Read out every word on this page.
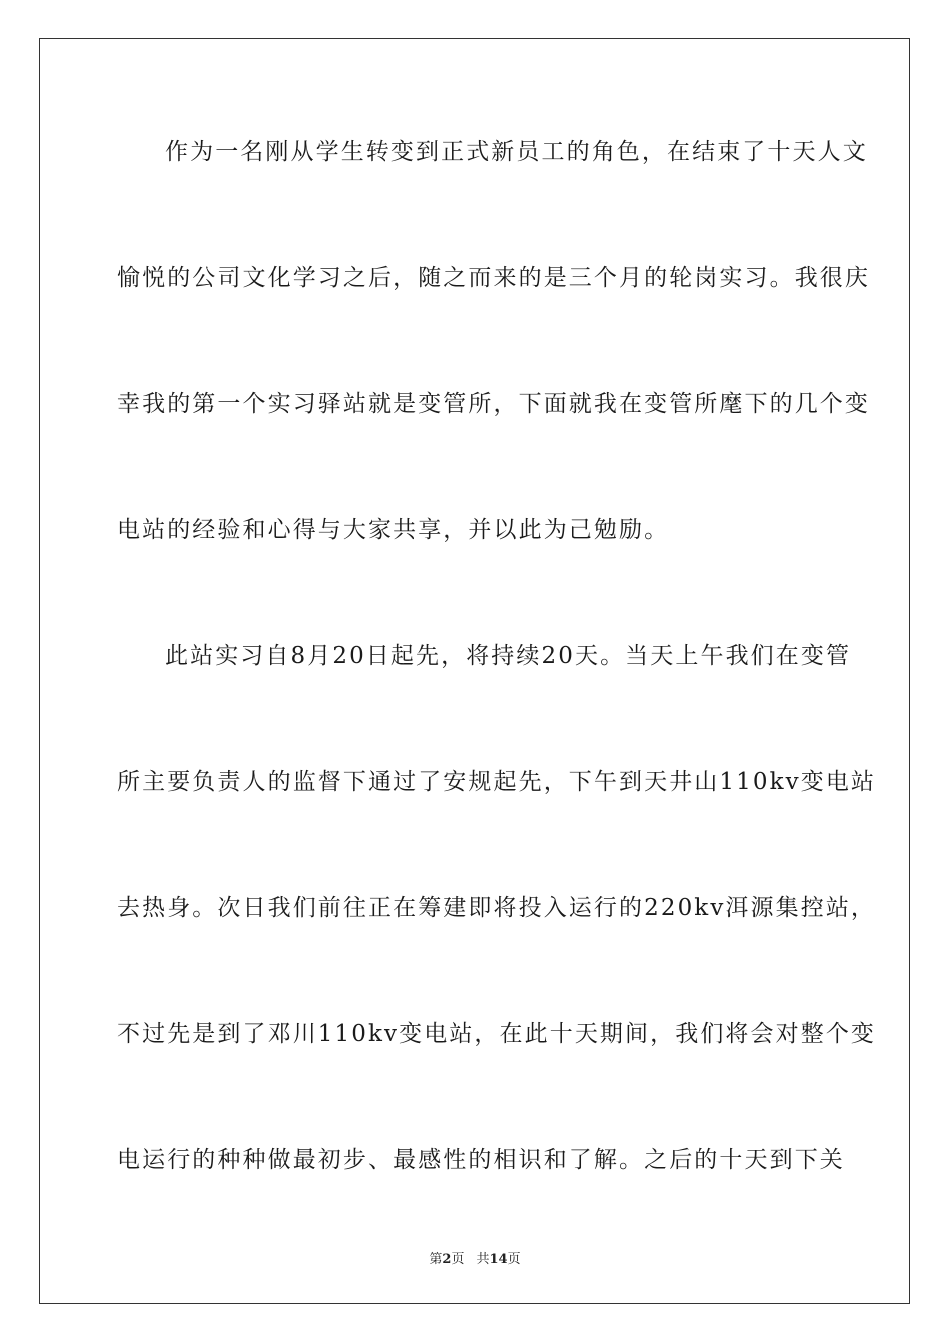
作为一名刚从学生转变到正式新员工的角色，在结束了十天人文
愉悦的公司文化学习之后，随之而来的是三个月的轮岗实习。我很庆
幸我的第一个实习驿站就是变管所，下面就我在变管所麾下的几个变
电站的经验和心得与大家共享，并以此为己勉励。
此站实习自8月20日起先，将持续20天。当天上午我们在变管
所主要负责人的监督下通过了安规起先，下午到天井山110kv变电站
去热身。次日我们前往正在筹建即将投入运行的220kv洱源集控站，
不过先是到了邓川110kv变电站，在此十天期间，我们将会对整个变
电运行的种种做最初步、最感性的相识和了解。之后的十天到下关
第2页 共14页
